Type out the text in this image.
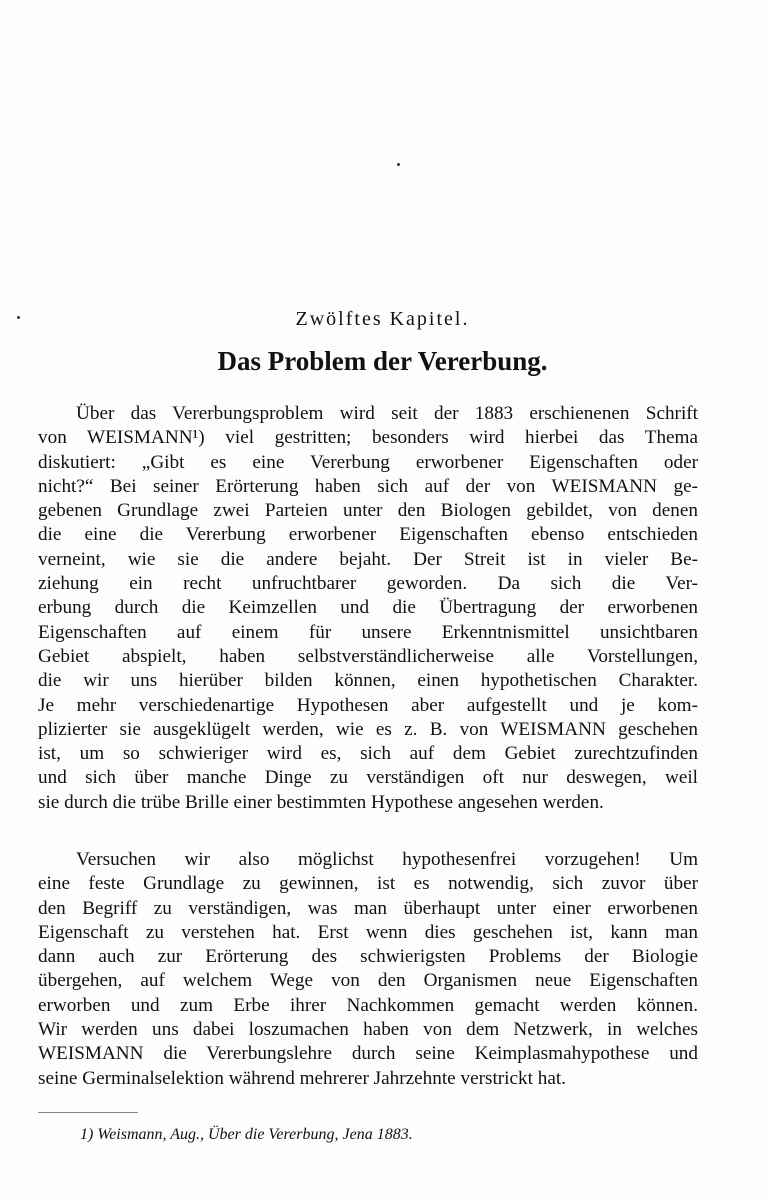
Zwölftes Kapitel.
Das Problem der Vererbung.
Über das Vererbungsproblem wird seit der 1883 erschienenen Schrift
von WEISMANN¹) viel gestritten; besonders wird hierbei das Thema
diskutiert: „Gibt es eine Vererbung erworbener Eigenschaften oder
nicht?“ Bei seiner Erörterung haben sich auf der von WEISMANN ge-
gebenen Grundlage zwei Parteien unter den Biologen gebildet, von denen
die eine die Vererbung erworbener Eigenschaften ebenso entschieden
verneint, wie sie die andere bejaht. Der Streit ist in vieler Be-
ziehung ein recht unfruchtbarer geworden. Da sich die Ver-
erbung durch die Keimzellen und die Übertragung der erworbenen
Eigenschaften auf einem für unsere Erkenntnismittel unsichtbaren
Gebiet abspielt, haben selbstverständlicherweise alle Vorstellungen,
die wir uns hierüber bilden können, einen hypothetischen Charakter.
Je mehr verschiedenartige Hypothesen aber aufgestellt und je kom-
plizierter sie ausgeklügelt werden, wie es z. B. von WEISMANN geschehen
ist, um so schwieriger wird es, sich auf dem Gebiet zurechtzufinden
und sich über manche Dinge zu verständigen oft nur deswegen, weil
sie durch die trübe Brille einer bestimmten Hypothese angesehen werden.
Versuchen wir also möglichst hypothesenfrei vorzugehen! Um
eine feste Grundlage zu gewinnen, ist es notwendig, sich zuvor über
den Begriff zu verständigen, was man überhaupt unter einer erworbenen
Eigenschaft zu verstehen hat. Erst wenn dies geschehen ist, kann man
dann auch zur Erörterung des schwierigsten Problems der Biologie
übergehen, auf welchem Wege von den Organismen neue Eigenschaften
erworben und zum Erbe ihrer Nachkommen gemacht werden können.
Wir werden uns dabei loszumachen haben von dem Netzwerk, in welches
WEISMANN die Vererbungslehre durch seine Keimplasmahypothese und
seine Germinalselektion während mehrerer Jahrzehnte verstrickt hat.
1) Weismann, Aug., Über die Vererbung, Jena 1883.
